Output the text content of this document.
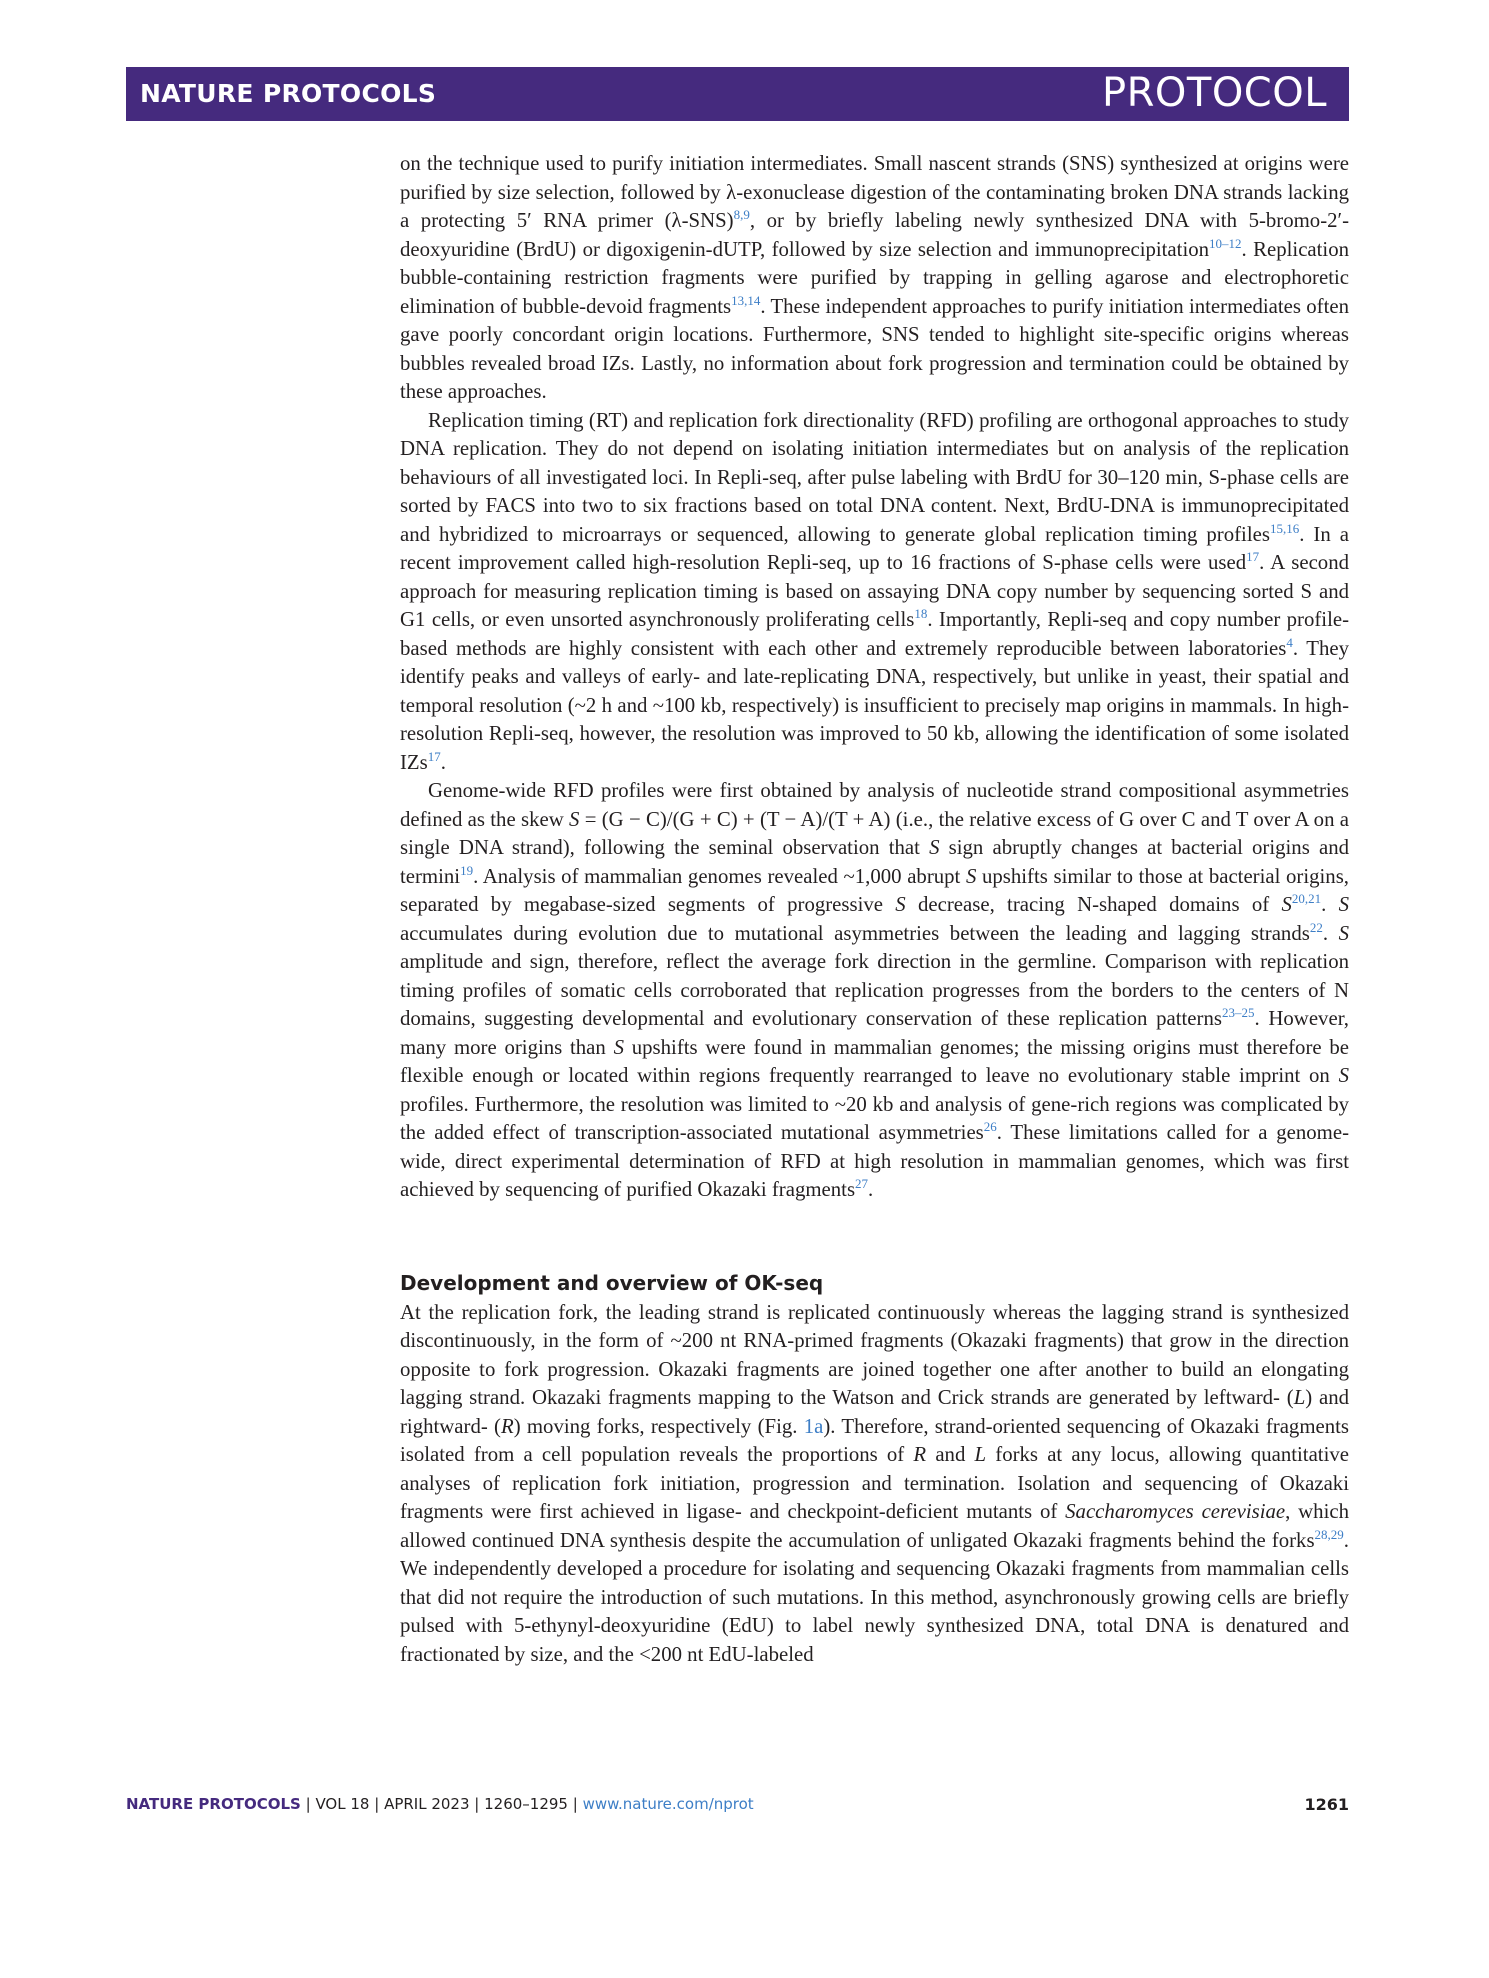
NATURE PROTOCOLS	PROTOCOL

on the technique used to purify initiation intermediates. Small nascent strands (SNS) synthesized at origins were purified by size selection, followed by λ-exonuclease digestion of the contaminating broken DNA strands lacking a protecting 5′ RNA primer $(\lambda-SNS)^{8,9}$, or by briefly labeling newly synthesized DNA with 5-bromo-2′-deoxyuridine (BrdU) or digoxigenin-dUTP, followed by size selection and immunoprecipitation$^{10-12}$. Replication bubble-containing restriction fragments were purified by trapping in gelling agarose and electrophoretic elimination of bubble-devoid fragments$^{13,14}$. These independent approaches to purify initiation intermediates often gave poorly concordant origin locations. Furthermore, SNS tended to highlight site-specific origins whereas bubbles revealed broad IZs. Lastly, no information about fork progression and termination could be obtained by these approaches.

Replication timing (RT) and replication fork directionality (RFD) profiling are orthogonal approaches to study DNA replication. They do not depend on isolating initiation intermediates but on analysis of the replication behaviours of all investigated loci. In Repli-seq, after pulse labeling with BrdU for 30–120 min, S-phase cells are sorted by FACS into two to six fractions based on total DNA content. Next, BrdU-DNA is immunoprecipitated and hybridized to microarrays or sequenced, allowing to generate global replication timing profiles$^{15,16}$. In a recent improvement called high-resolution Repli-seq, up to 16 fractions of S-phase cells were used$^{17}$. A second approach for measuring replication timing is based on assaying DNA copy number by sequencing sorted S and G1 cells, or even unsorted asynchronously proliferating cells$^{18}$. Importantly, Repli-seq and copy number profile-based methods are highly consistent with each other and extremely reproducible between laboratories$^4$. They identify peaks and valleys of early- and late-replicating DNA, respectively, but unlike in yeast, their spatial and temporal resolution (~2 h and ~100 kb, respectively) is insufficient to precisely map origins in mammals. In high-resolution Repli-seq, however, the resolution was improved to 50 kb, allowing the identification of some isolated IZs$^{17}$.

Genome-wide RFD profiles were first obtained by analysis of nucleotide strand compositional asymmetries defined as the skew S = (G − C)/(G + C) + (T − A)/(T + A) (i.e., the relative excess of G over C and T over A on a single DNA strand), following the seminal observation that S sign abruptly changes at bacterial origins and termini$^{19}$. Analysis of mammalian genomes revealed ~1,000 abrupt S upshifts similar to those at bacterial origins, separated by megabase-sized segments of progressive S decrease, tracing N-shaped domains of S$^{20,21}$. S accumulates during evolution due to mutational asymmetries between the leading and lagging strands$^{22}$. S amplitude and sign, therefore, reflect the average fork direction in the germline. Comparison with replication timing profiles of somatic cells corroborated that replication progresses from the borders to the centers of N domains, suggesting developmental and evolutionary conservation of these replication patterns$^{23-25}$. However, many more origins than S upshifts were found in mammalian genomes; the missing origins must therefore be flexible enough or located within regions frequently rearranged to leave no evolutionary stable imprint on S profiles. Furthermore, the resolution was limited to ~20 kb and analysis of gene-rich regions was complicated by the added effect of transcription-associated mutational asymmetries$^{26}$. These limitations called for a genome-wide, direct experimental determination of RFD at high resolution in mammalian genomes, which was first achieved by sequencing of purified Okazaki fragments$^{27}$.

Development and overview of OK-seq

At the replication fork, the leading strand is replicated continuously whereas the lagging strand is synthesized discontinuously, in the form of ~200 nt RNA-primed fragments (Okazaki fragments) that grow in the direction opposite to fork progression. Okazaki fragments are joined together one after another to build an elongating lagging strand. Okazaki fragments mapping to the Watson and Crick strands are generated by leftward- (L) and rightward- (R) moving forks, respectively (Fig. 1a). Therefore, strand-oriented sequencing of Okazaki fragments isolated from a cell population reveals the proportions of R and L forks at any locus, allowing quantitative analyses of replication fork initiation, progression and termination. Isolation and sequencing of Okazaki fragments were first achieved in ligase- and checkpoint-deficient mutants of Saccharomyces cerevisiae, which allowed continued DNA synthesis despite the accumulation of unligated Okazaki fragments behind the forks$^{28,29}$. We independently developed a procedure for isolating and sequencing Okazaki fragments from mammalian cells that did not require the introduction of such mutations. In this method, asynchronously growing cells are briefly pulsed with 5-ethynyl-deoxyuridine (EdU) to label newly synthesized DNA, total DNA is denatured and fractionated by size, and the <200 nt EdU-labeled

NATURE PROTOCOLS | VOL 18 | APRIL 2023 | 1260–1295 | www.nature.com/nprot	1261
